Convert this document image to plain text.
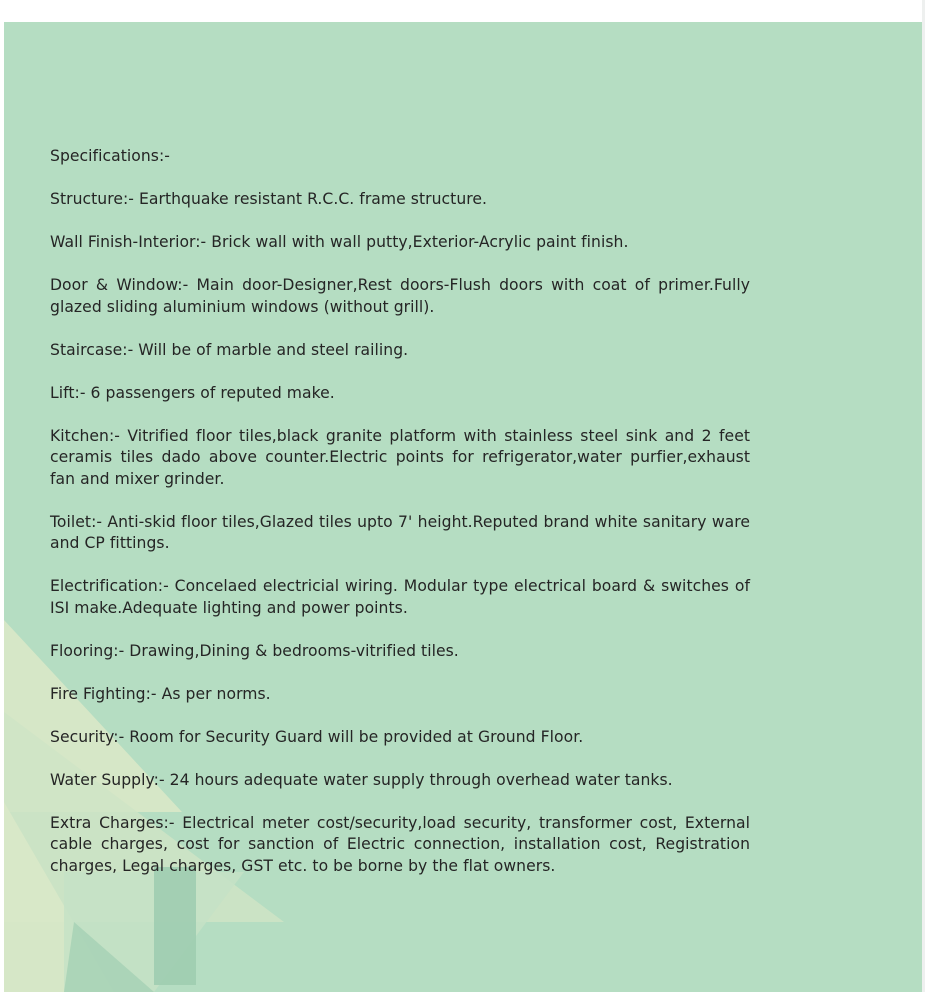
Specifications:-

Structure:- Earthquake resistant R.C.C. frame structure.

Wall Finish-Interior:- Brick wall with wall putty,Exterior-Acrylic paint finish.

Door & Window:- Main door-Designer,Rest doors-Flush doors with coat of primer.Fully glazed sliding aluminium windows (without grill).

Staircase:- Will be of marble and steel railing.

Lift:- 6 passengers of reputed make.

Kitchen:- Vitrified floor tiles,black granite platform with stainless steel sink and 2 feet ceramis tiles dado above counter.Electric points for refrigerator,water purfier,exhaust fan and mixer grinder.

Toilet:- Anti-skid floor tiles,Glazed tiles upto 7' height.Reputed brand white sanitary ware and CP fittings.

Electrification:- Concelaed electricial wiring. Modular type electrical board & switches of ISI make.Adequate lighting and power points.

Flooring:- Drawing,Dining & bedrooms-vitrified tiles.

Fire Fighting:- As per norms.

Security:- Room for Security Guard will be provided at Ground Floor.

Water Supply:- 24 hours adequate water supply through overhead water tanks.

Extra Charges:- Electrical meter cost/security,load security, transformer cost, External cable charges, cost for sanction of Electric connection, installation cost, Registration charges, Legal charges, GST etc. to be borne by the flat owners.
